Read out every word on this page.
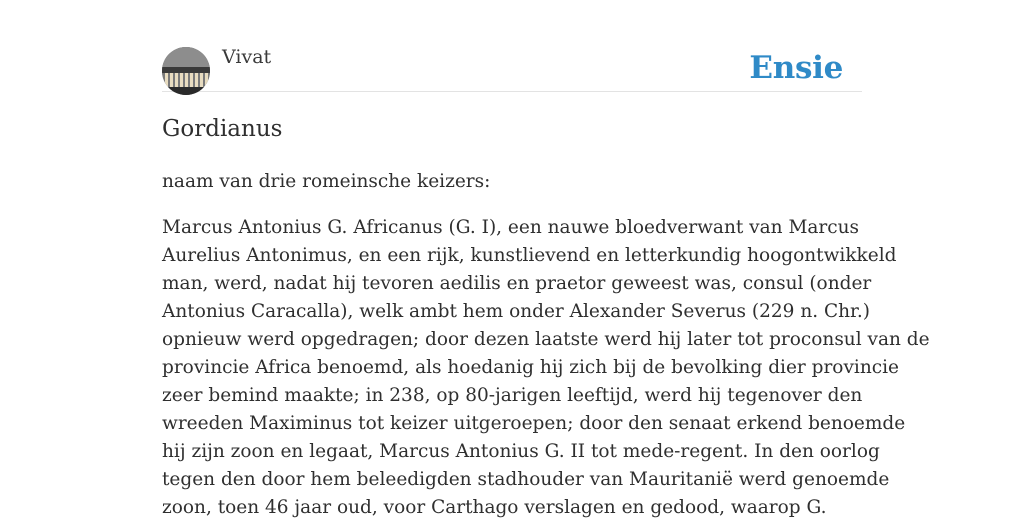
Vivat	Ensie
Gordianus

naam van drie romeinsche keizers:

Marcus Antonius G. Africanus (G. I), een nauwe bloedverwant van Marcus
Aurelius Antonimus, en een rijk, kunstlievend en letterkundig hoogontwikkeld
man, werd, nadat hij tevoren aedilis en praetor geweest was, consul (onder
Antonius Caracalla), welk ambt hem onder Alexander Severus (229 n. Chr.)
opnieuw werd opgedragen; door dezen laatste werd hij later tot proconsul van de
provincie Africa benoemd, als hoedanig hij zich bij de bevolking dier provincie
zeer bemind maakte; in 238, op 80-jarigen leeftijd, werd hij tegenover den
wreeden Maximinus tot keizer uitgeroepen; door den senaat erkend benoemde
hij zijn zoon en legaat, Marcus Antonius G. II tot mede-regent. In den oorlog
tegen den door hem beleedigden stadhouder van Mauritanië werd genoemde
zoon, toen 46 jaar oud, voor Carthago verslagen en gedood, waarop G.
